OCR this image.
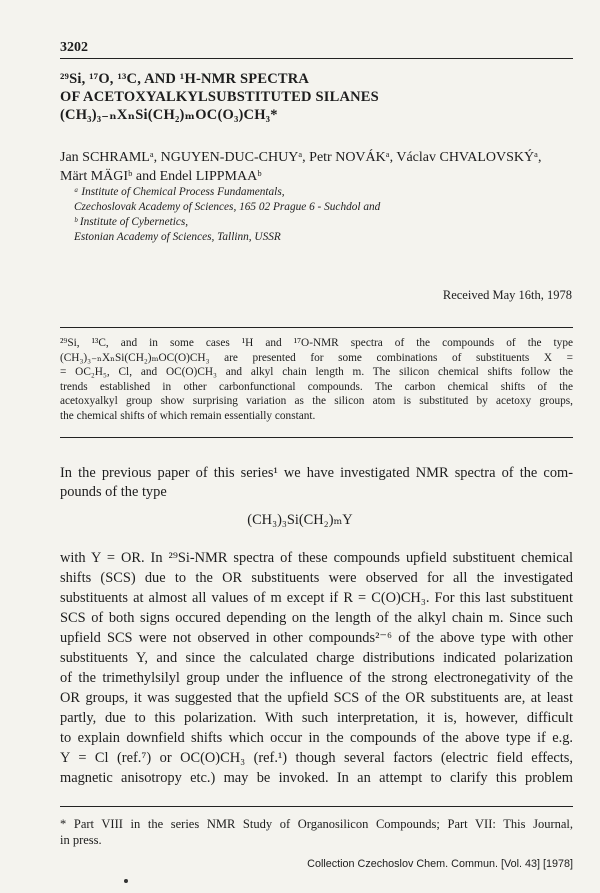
3202
²⁹Si, ¹⁷O, ¹³C, AND ¹H-NMR SPECTRA
OF ACETOXYALKYLSUBSTITUTED SILANES
(CH₃)₃₋ₙXₙSi(CH₂)ₘOC(O₃)CH₃*
Jan SCHRAMLᵃ, NGUYEN-DUC-CHUYᵃ, Petr NOVÁKᵃ, Václav CHVALOVSKÝᵃ,
Märt MÄGIᵇ and Endel LIPPMAAᵇ
ᵃ Institute of Chemical Process Fundamentals,
Czechoslovak Academy of Sciences, 165 02 Prague 6 - Suchdol and
ᵇ Institute of Cybernetics,
Estonian Academy of Sciences, Tallinn, USSR
Received May 16th, 1978
²⁹Si, ¹³C, and in some cases ¹H and ¹⁷O-NMR spectra of the compounds of the type
(CH₃)₃₋ₙXₙSi(CH₂)ₘOC(O)CH₃ are presented for some combinations of substituents X =
= OC₂H₅, Cl, and OC(O)CH₃ and alkyl chain length m. The silicon chemical shifts follow the
trends established in other carbonfunctional compounds. The carbon chemical shifts of the
acetoxyalkyl group show surprising variation as the silicon atom is substituted by acetoxy groups,
the chemical shifts of which remain essentially constant.
In the previous paper of this series¹ we have investigated NMR spectra of the com-
pounds of the type
(CH₃)₃Si(CH₂)ₘY
with Y = OR. In ²⁹Si-NMR spectra of these compounds upfield substituent chemical
shifts (SCS) due to the OR substituents were observed for all the investigated
substituents at almost all values of m except if R = C(O)CH₃. For this last substituent
SCS of both signs occured depending on the length of the alkyl chain m. Since such
upfield SCS were not observed in other compounds²⁻⁶ of the above type with other
substituents Y, and since the calculated charge distributions indicated polarization
of the trimethylsilyl group under the influence of the strong electronegativity of the
OR groups, it was suggested that the upfield SCS of the OR substituents are, at least
partly, due to this polarization. With such interpretation, it is, however, difficult
to explain downfield shifts which occur in the compounds of the above type if e.g.
Y = Cl (ref.⁷) or OC(O)CH₃ (ref.¹) though several factors (electric field effects,
magnetic anisotropy etc.) may be invoked. In an attempt to clarify this problem
* Part VIII in the series NMR Study of Organosilicon Compounds; Part VII: This Journal,
in press.
Collection Czechoslov Chem. Commun. [Vol. 43] [1978]
